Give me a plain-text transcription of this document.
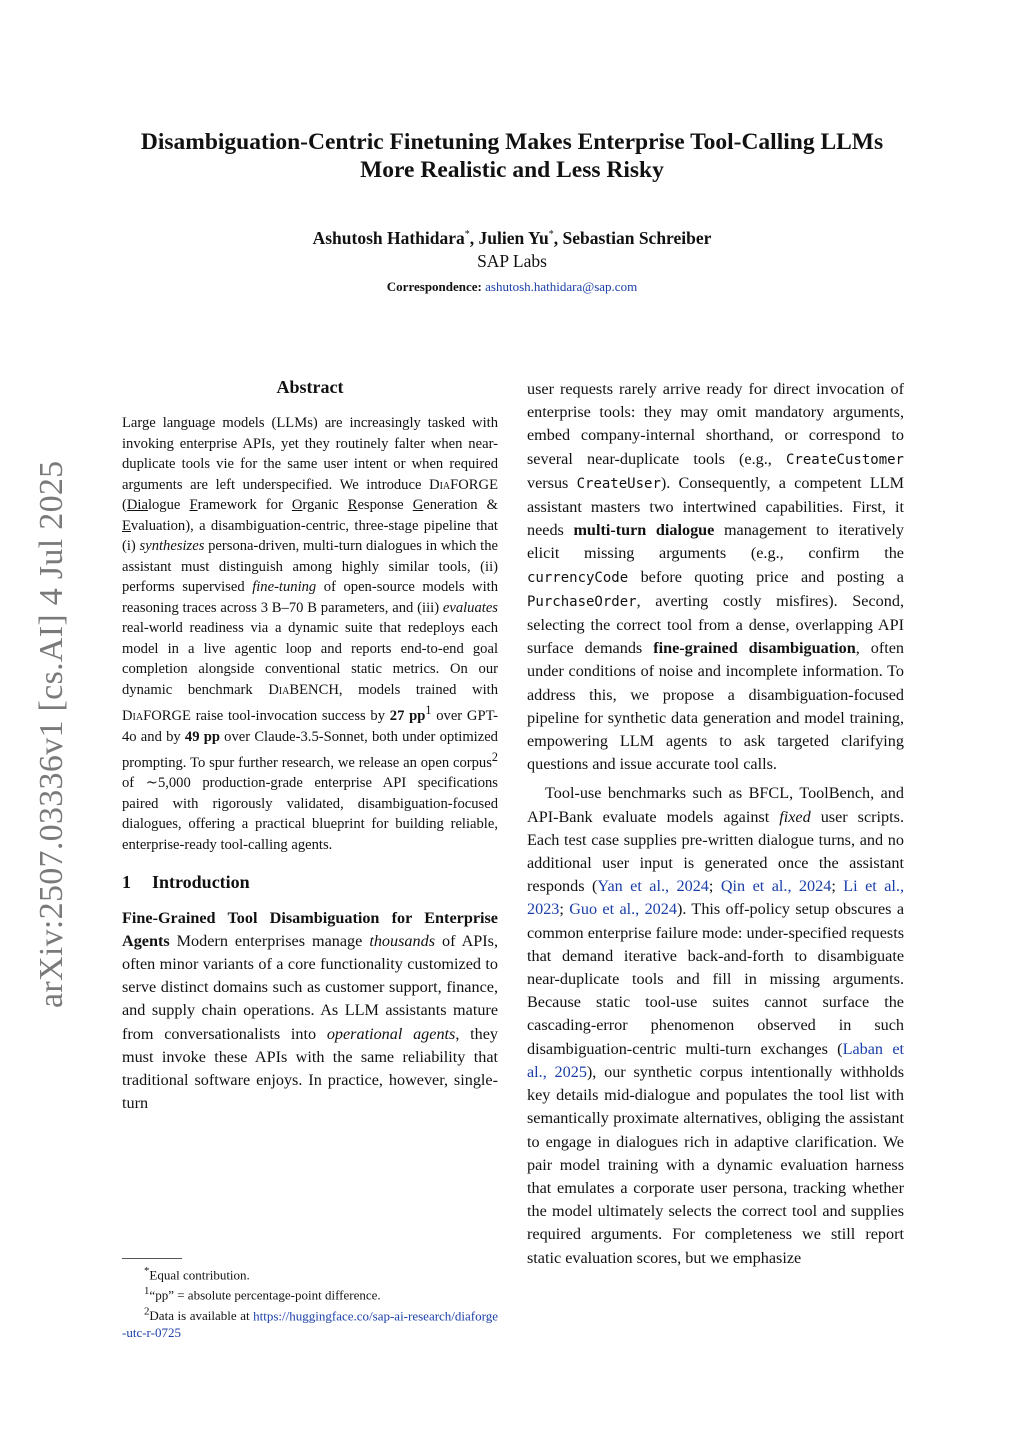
arXiv:2507.03336v1 [cs.AI] 4 Jul 2025
Disambiguation-Centric Finetuning Makes Enterprise Tool-Calling LLMs
More Realistic and Less Risky
Ashutosh Hathidara*, Julien Yu*, Sebastian Schreiber
SAP Labs
Correspondence: ashutosh.hathidara@sap.com
Abstract

Large language models (LLMs) are increasingly tasked with invoking enterprise APIs, yet they routinely falter when near-duplicate tools vie for the same user intent or when required arguments are left underspecified. We introduce DiaFORGE (Dialogue Framework for Organic Response Generation & Evaluation), a disambiguation-centric, three-stage pipeline that (i) synthesizes persona-driven, multi-turn dialogues in which the assistant must distinguish among highly similar tools, (ii) performs supervised fine-tuning of open-source models with reasoning traces across 3 B–70 B parameters, and (iii) evaluates real-world readiness via a dynamic suite that redeploys each model in a live agentic loop and reports end-to-end goal completion alongside conventional static metrics. On our dynamic benchmark DiaBENCH, models trained with DiaFORGE raise tool-invocation success by 27 $pp^1$ over GPT-4o and by 49 pp over Claude-3.5-Sonnet, both under optimized prompting. To spur further research, we release an open corpus$^2$ of ∼5,000 production-grade enterprise API specifications paired with rigorously validated, disambiguation-focused dialogues, offering a practical blueprint for building reliable, enterprise-ready tool-calling agents.

1 Introduction

Fine-Grained Tool Disambiguation for Enterprise Agents Modern enterprises manage thousands of APIs, often minor variants of a core functionality customized to serve distinct domains such as customer support, finance, and supply chain operations. As LLM assistants mature from conversationalists into operational agents, they must invoke these APIs with the same reliability that traditional software enjoys. In practice, however, single-turn

user requests rarely arrive ready for direct invocation of enterprise tools: they may omit mandatory arguments, embed company-internal shorthand, or correspond to several near-duplicate tools (e.g., CreateCustomer versus CreateUser). Consequently, a competent LLM assistant masters two intertwined capabilities. First, it needs multi-turn dialogue management to iteratively elicit missing arguments (e.g., confirm the currencyCode before quoting price and posting a PurchaseOrder, averting costly misfires). Second, selecting the correct tool from a dense, overlapping API surface demands fine-grained disambiguation, often under conditions of noise and incomplete information. To address this, we propose a disambiguation-focused pipeline for synthetic data generation and model training, empowering LLM agents to ask targeted clarifying questions and issue accurate tool calls.

Tool-use benchmarks such as BFCL, ToolBench, and API-Bank evaluate models against fixed user scripts. Each test case supplies pre-written dialogue turns, and no additional user input is generated once the assistant responds (Yan et al., 2024; Qin et al., 2024; Li et al., 2023; Guo et al., 2024). This off-policy setup obscures a common enterprise failure mode: under-specified requests that demand iterative back-and-forth to disambiguate near-duplicate tools and fill in missing arguments. Because static tool-use suites cannot surface the cascading-error phenomenon observed in such disambiguation-centric multi-turn exchanges (Laban et al., 2025), our synthetic corpus intentionally withholds key details mid-dialogue and populates the tool list with semantically proximate alternatives, obliging the assistant to engage in dialogues rich in adaptive clarification. We pair model training with a dynamic evaluation harness that emulates a corporate user persona, tracking whether the model ultimately selects the correct tool and supplies required arguments. For completeness we still report static evaluation scores, but we emphasize

*Equal contribution.

$^1$“pp” = absolute percentage-point difference.

$^2$Data is available at https://huggingface.co/sap-ai-research/diaforge-utc-r-0725
